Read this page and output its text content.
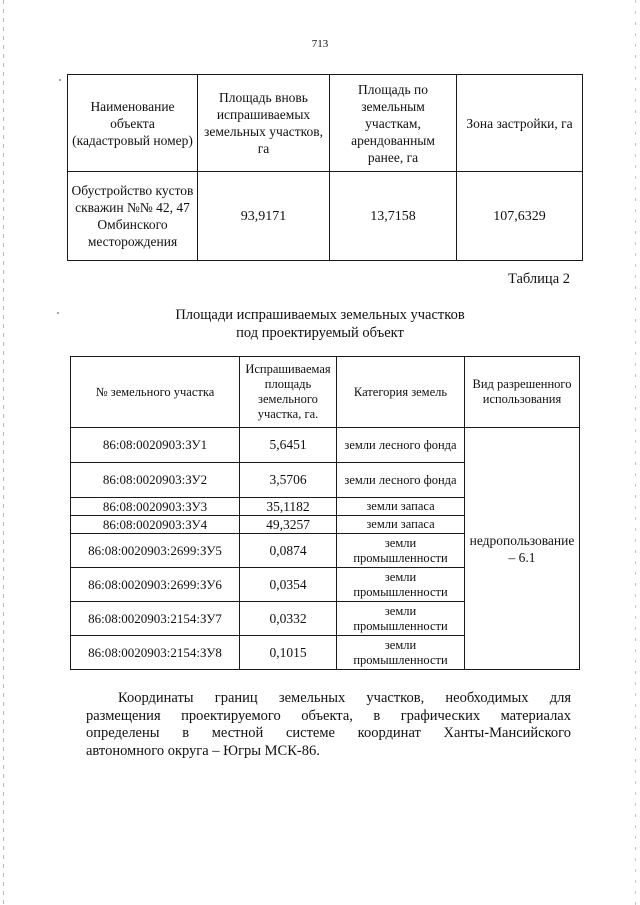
713
Наименование объекта (кадастровый номер)	Площадь вновь испрашиваемых земельных участков, га	Площадь по земельным участкам, арендованным ранее, га	Зона застройки, га
Обустройство кустов скважин №№ 42, 47 Омбинского месторождения	93,9171	13,7158	107,6329
Таблица 2
Площади испрашиваемых земельных участков
под проектируемый объект
№ земельного участка	Испрашиваемая площадь земельного участка, га.	Категория земель	Вид разрешенного использования
86:08:0020903:ЗУ1	5,6451	земли лесного фонда	недропользование – 6.1
86:08:0020903:ЗУ2	3,5706	земли лесного фонда	
86:08:0020903:ЗУ3	35,1182	земли запаса	
86:08:0020903:ЗУ4	49,3257	земли запаса	
86:08:0020903:2699:ЗУ5	0,0874	земли промышленности	
86:08:0020903:2699:ЗУ6	0,0354	земли промышленности	
86:08:0020903:2154:ЗУ7	0,0332	земли промышленности	
86:08:0020903:2154:ЗУ8	0,1015	земли промышленности	
Координаты границ земельных участков, необходимых для
размещения проектируемого объекта, в графических материалах
определены в местной системе координат Ханты-Мансийского
автономного округа – Югры МСК-86.
